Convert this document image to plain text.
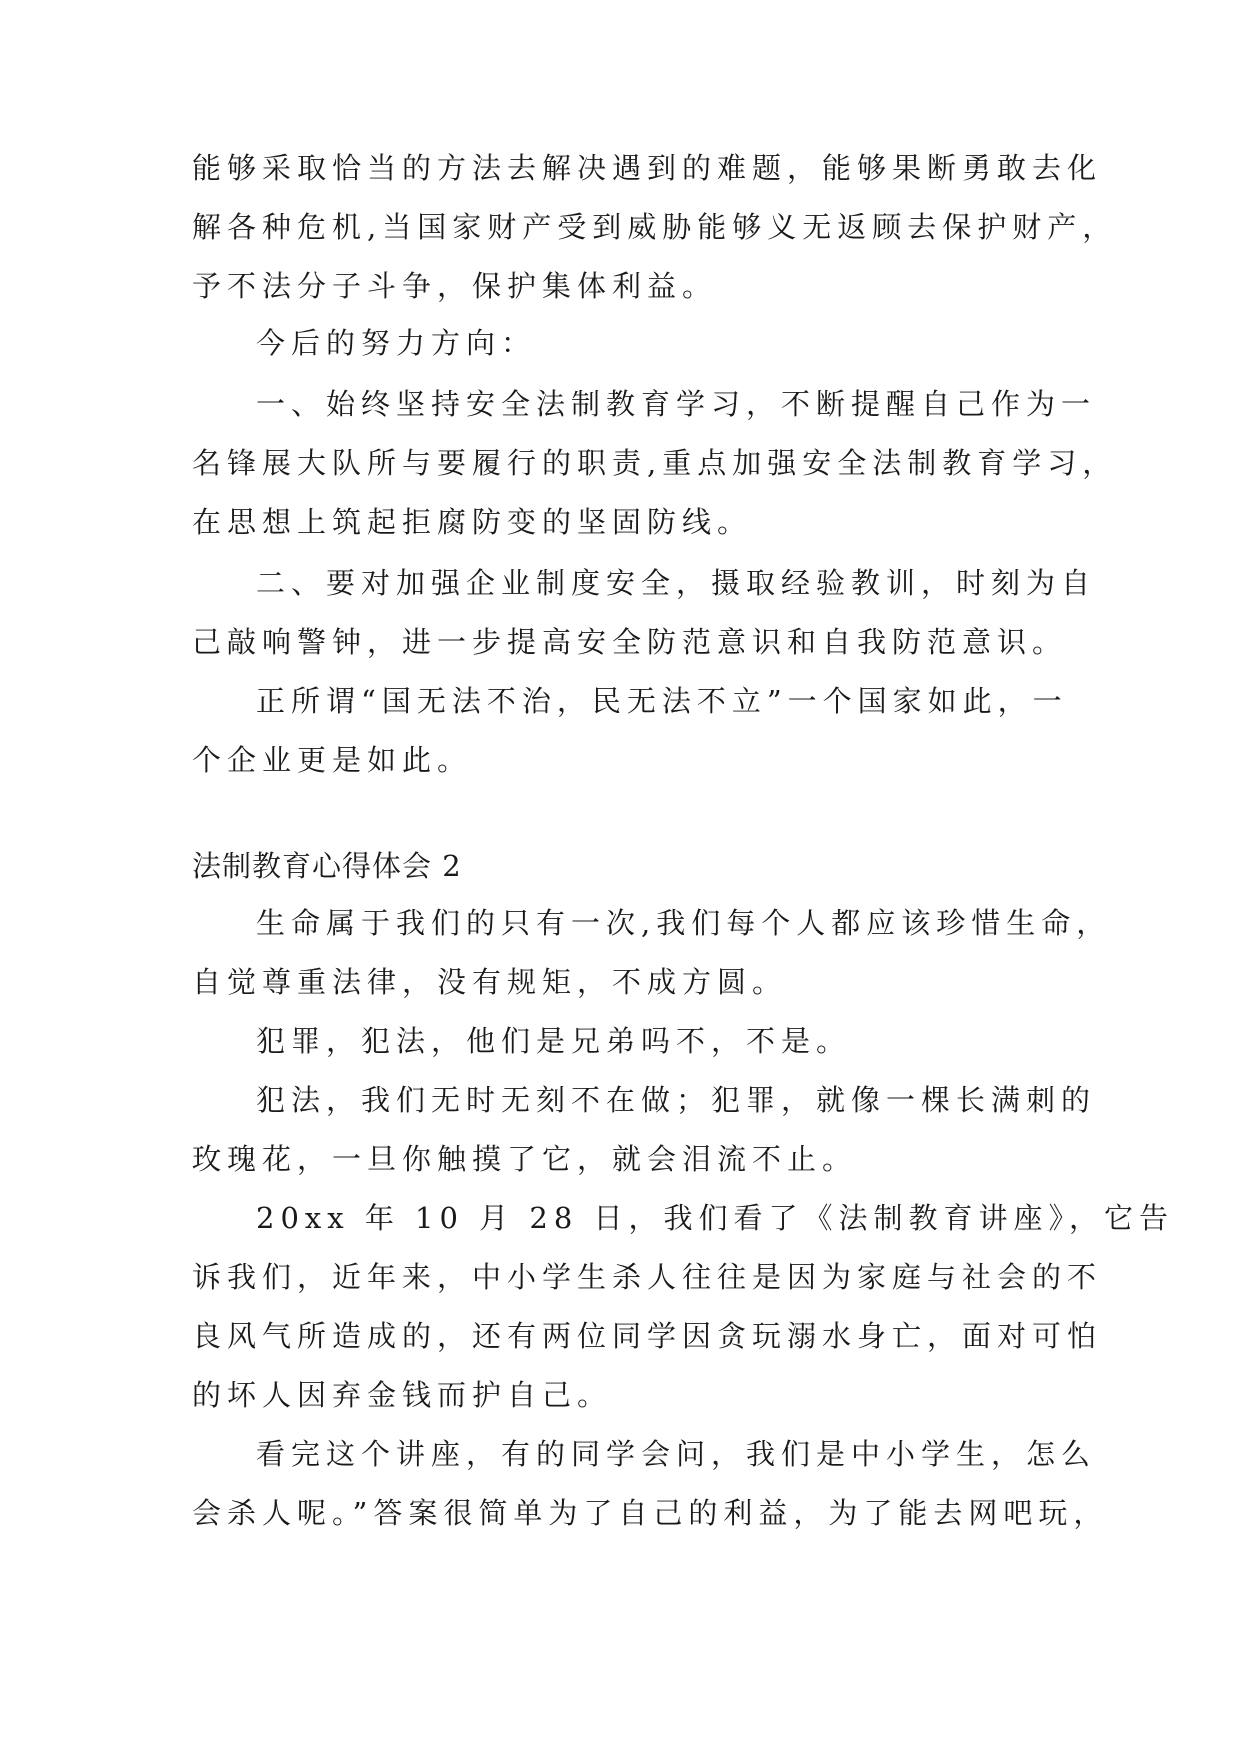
能够采取恰当的方法去解决遇到的难题，能够果断勇敢去化
解各种危机,当国家财产受到威胁能够义无返顾去保护财产，
予不法分子斗争，保护集体利益。
今后的努力方向：
一、始终坚持安全法制教育学习，不断提醒自己作为一
名锋展大队所与要履行的职责,重点加强安全法制教育学习，
在思想上筑起拒腐防变的坚固防线。
二、要对加强企业制度安全，摄取经验教训，时刻为自
己敲响警钟，进一步提高安全防范意识和自我防范意识。
正所谓“国无法不治，民无法不立”一个国家如此，一
个企业更是如此。
法制教育心得体会 2
生命属于我们的只有一次,我们每个人都应该珍惜生命，
自觉尊重法律，没有规矩，不成方圆。
犯罪，犯法，他们是兄弟吗不，不是。
犯法，我们无时无刻不在做；犯罪，就像一棵长满刺的
玫瑰花，一旦你触摸了它，就会泪流不止。
20xx 年 10 月 28 日，我们看了《法制教育讲座》，它告
诉我们，近年来，中小学生杀人往往是因为家庭与社会的不
良风气所造成的，还有两位同学因贪玩溺水身亡，面对可怕
的坏人因弃金钱而护自己。
看完这个讲座，有的同学会问，我们是中小学生，怎么
会杀人呢。”答案很简单为了自己的利益，为了能去网吧玩，
